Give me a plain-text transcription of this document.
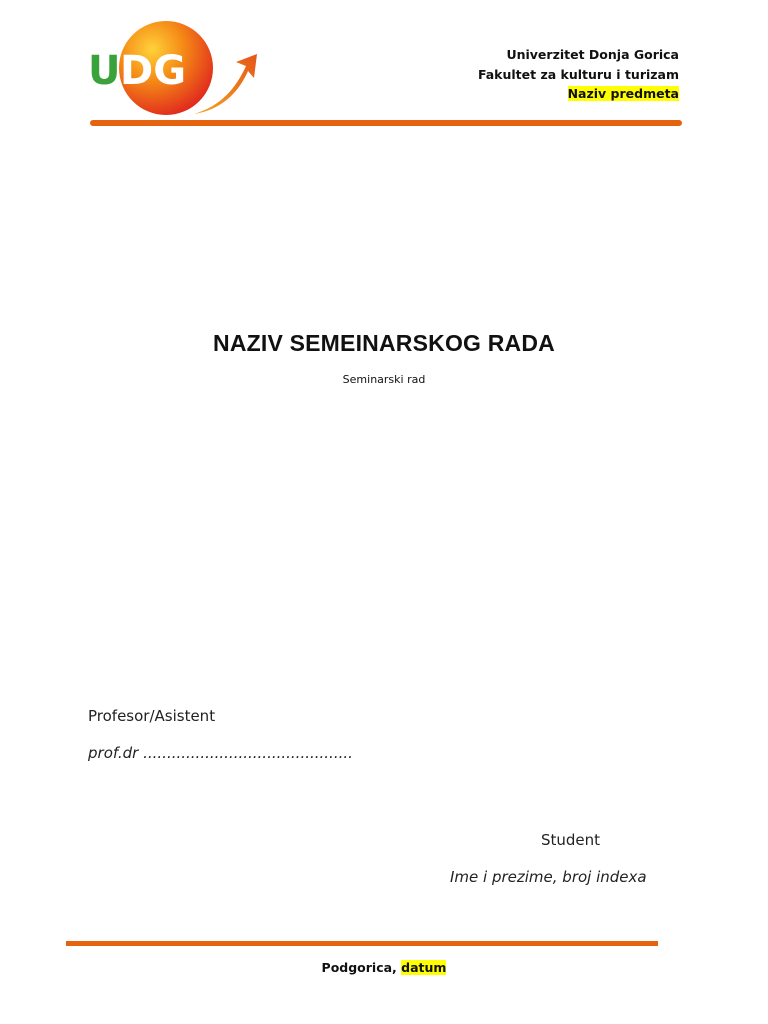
U DG	Univerzitet Donja Gorica
Fakultet za kulturu i turizam
Naziv predmeta
NAZIV SEMEINARSKOG RADA
Seminarski rad
Profesor/Asistent
prof.dr ............................................
Student
Ime i prezime, broj indexa
Podgorica, datum
